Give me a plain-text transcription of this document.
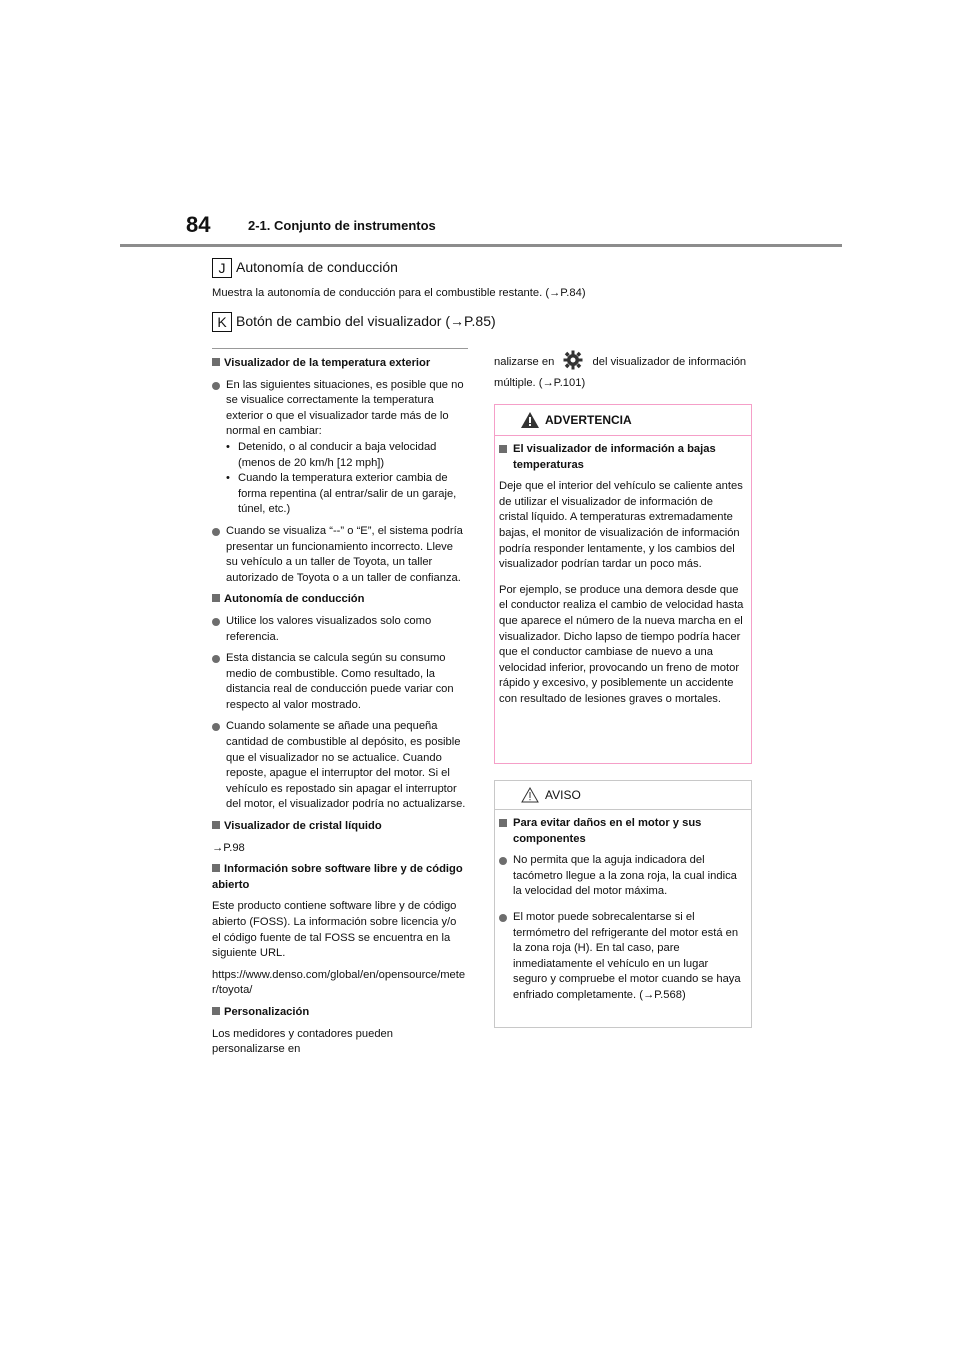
84	2-1. Conjunto de instrumentos
J Autonomía de conducción
Muestra la autonomía de conducción para el combustible restante. (→P.84)
K Botón de cambio del visualizador (→P.85)
Visualizador de la temperatura exterior
En las siguientes situaciones, es posible que no se visualice correctamente la temperatura exterior o que el visualizador tarde más de lo normal en cambiar:
• Detenido, o al conducir a baja velocidad (menos de 20 km/h [12 mph])
• Cuando la temperatura exterior cambia de forma repentina (al entrar/salir de un garaje, túnel, etc.)
Cuando se visualiza “--” o “E”, el sistema podría presentar un funcionamiento incorrecto. Lleve su vehículo a un taller de Toyota, un taller autorizado de Toyota o a un taller de confianza.
Autonomía de conducción
Utilice los valores visualizados solo como referencia.
Esta distancia se calcula según su consumo medio de combustible. Como resultado, la distancia real de conducción puede variar con respecto al valor mostrado.
Cuando solamente se añade una pequeña cantidad de combustible al depósito, es posible que el visualizador no se actualice. Cuando reposte, apague el interruptor del motor. Si el vehículo es repostado sin apagar el interruptor del motor, el visualizador podría no actualizarse.
Visualizador de cristal líquido
→P.98
Información sobre software libre y de código abierto
Este producto contiene software libre y de código abierto (FOSS). La información sobre licencia y/o el código fuente de tal FOSS se encuentra en la siguiente URL.
https://www.denso.com/global/en/opensource/meter/toyota/
Personalización
Los medidores y contadores pueden personalizarse en
nalizarse en	del visualizador de información múltiple. (→P.101)
ADVERTENCIA
El visualizador de información a bajas temperaturas
Deje que el interior del vehículo se caliente antes de utilizar el visualizador de información de cristal líquido. A temperaturas extremadamente bajas, el monitor de visualización de información podría responder lentamente, y los cambios del visualizador podrían tardar un poco más.
Por ejemplo, se produce una demora desde que el conductor realiza el cambio de velocidad hasta que aparece el número de la nueva marcha en el visualizador. Dicho lapso de tiempo podría hacer que el conductor cambiase de nuevo a una velocidad inferior, provocando un freno de motor rápido y excesivo, y posiblemente un accidente con resultado de lesiones graves o mortales.
AVISO
Para evitar daños en el motor y sus componentes
No permita que la aguja indicadora del tacómetro llegue a la zona roja, la cual indica la velocidad del motor máxima.
El motor puede sobrecalentarse si el termómetro del refrigerante del motor está en la zona roja (H). En tal caso, pare inmediatamente el vehículo en un lugar seguro y compruebe el motor cuando se haya enfriado completamente. (→P.568)
